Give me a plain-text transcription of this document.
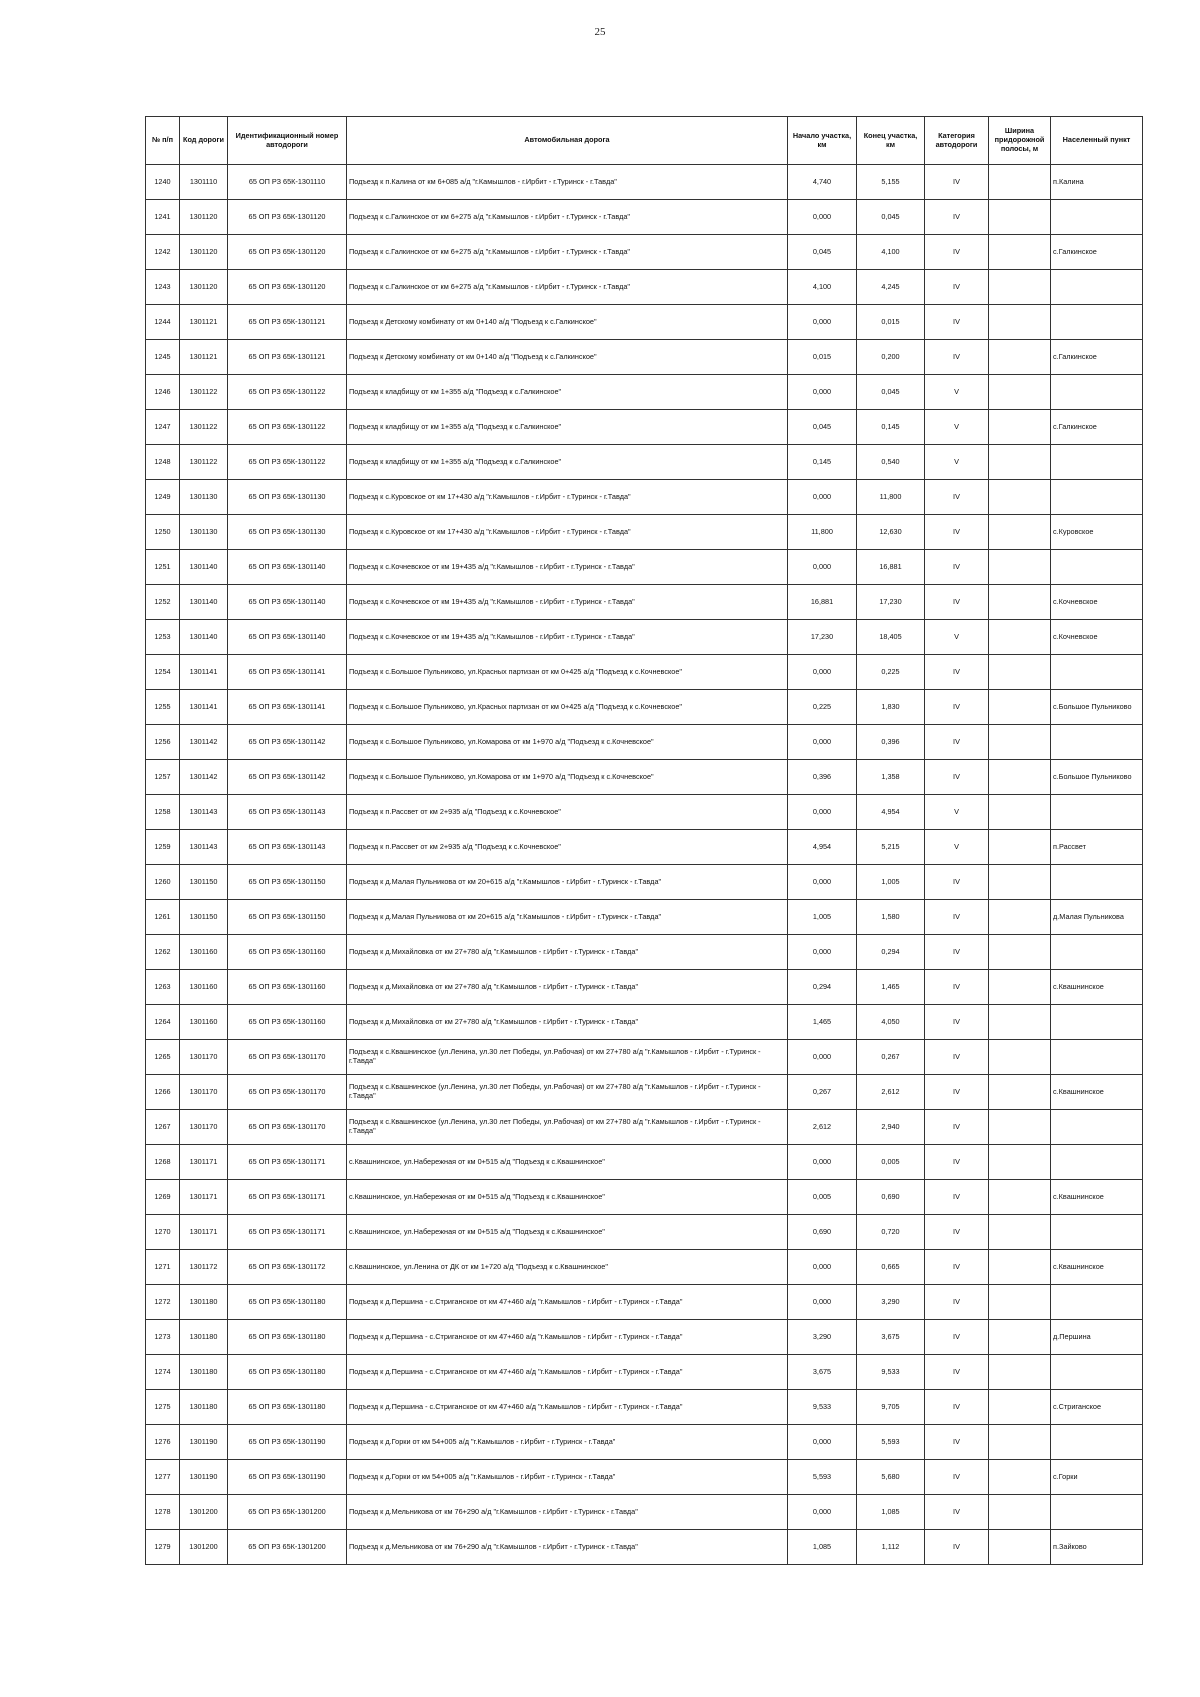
25
№ п/п	Код дороги	Идентификационный номер автодороги	Автомобильная дорога	Начало участка, км	Конец участка, км	Категория автодороги	Ширина придорожной полосы, м	Населенный пункт
1240	1301110	65 ОП РЗ 65К-1301110	Подъезд к п.Калина от км 6+085 а/д "г.Камышлов - г.Ирбит - г.Туринск - г.Тавда"	4,740	5,155	IV		п.Калина
1241	1301120	65 ОП РЗ 65К-1301120	Подъезд к с.Галкинское от км 6+275 а/д "г.Камышлов - г.Ирбит - г.Туринск - г.Тавда"	0,000	0,045	IV		
1242	1301120	65 ОП РЗ 65К-1301120	Подъезд к с.Галкинское от км 6+275 а/д "г.Камышлов - г.Ирбит - г.Туринск - г.Тавда"	0,045	4,100	IV		с.Галкинское
1243	1301120	65 ОП РЗ 65К-1301120	Подъезд к с.Галкинское от км 6+275 а/д "г.Камышлов - г.Ирбит - г.Туринск - г.Тавда"	4,100	4,245	IV		
1244	1301121	65 ОП РЗ 65К-1301121	Подъезд к Детскому комбинату от км 0+140 а/д "Подъезд к с.Галкинское"	0,000	0,015	IV		
1245	1301121	65 ОП РЗ 65К-1301121	Подъезд к Детскому комбинату от км 0+140 а/д "Подъезд к с.Галкинское"	0,015	0,200	IV		с.Галкинское
1246	1301122	65 ОП РЗ 65К-1301122	Подъезд к кладбищу от км 1+355 а/д "Подъезд к с.Галкинское"	0,000	0,045	V		
1247	1301122	65 ОП РЗ 65К-1301122	Подъезд к кладбищу от км 1+355 а/д "Подъезд к с.Галкинское"	0,045	0,145	V		с.Галкинское
1248	1301122	65 ОП РЗ 65К-1301122	Подъезд к кладбищу от км 1+355 а/д "Подъезд к с.Галкинское"	0,145	0,540	V		
1249	1301130	65 ОП РЗ 65К-1301130	Подъезд к с.Куровское от км 17+430 а/д "г.Камышлов - г.Ирбит - г.Туринск - г.Тавда"	0,000	11,800	IV		
1250	1301130	65 ОП РЗ 65К-1301130	Подъезд к с.Куровское от км 17+430 а/д "г.Камышлов - г.Ирбит - г.Туринск - г.Тавда"	11,800	12,630	IV		с.Куровское
1251	1301140	65 ОП РЗ 65К-1301140	Подъезд к с.Кочневское от км 19+435 а/д "г.Камышлов - г.Ирбит - г.Туринск - г.Тавда"	0,000	16,881	IV		
1252	1301140	65 ОП РЗ 65К-1301140	Подъезд к с.Кочневское от км 19+435 а/д "г.Камышлов - г.Ирбит - г.Туринск - г.Тавда"	16,881	17,230	IV		с.Кочневское
1253	1301140	65 ОП РЗ 65К-1301140	Подъезд к с.Кочневское от км 19+435 а/д "г.Камышлов - г.Ирбит - г.Туринск - г.Тавда"	17,230	18,405	V		с.Кочневское
1254	1301141	65 ОП РЗ 65К-1301141	Подъезд к с.Большое Пульниково, ул.Красных партизан от км 0+425 а/д "Подъезд к с.Кочневское"	0,000	0,225	IV		
1255	1301141	65 ОП РЗ 65К-1301141	Подъезд к с.Большое Пульниково, ул.Красных партизан от км 0+425 а/д "Подъезд к с.Кочневское"	0,225	1,830	IV		с.Большое Пульниково
1256	1301142	65 ОП РЗ 65К-1301142	Подъезд к с.Большое Пульниково, ул.Комарова от км 1+970 а/д "Подъезд к с.Кочневское"	0,000	0,396	IV		
1257	1301142	65 ОП РЗ 65К-1301142	Подъезд к с.Большое Пульниково, ул.Комарова от км 1+970 а/д "Подъезд к с.Кочневское"	0,396	1,358	IV		с.Большое Пульниково
1258	1301143	65 ОП РЗ 65К-1301143	Подъезд к п.Рассвет от км 2+935 а/д "Подъезд к с.Кочневское"	0,000	4,954	V		
1259	1301143	65 ОП РЗ 65К-1301143	Подъезд к п.Рассвет от км 2+935 а/д "Подъезд к с.Кочневское"	4,954	5,215	V		п.Рассвет
1260	1301150	65 ОП РЗ 65К-1301150	Подъезд к д.Малая Пульникова от км 20+615 а/д "г.Камышлов - г.Ирбит - г.Туринск - г.Тавда"	0,000	1,005	IV		
1261	1301150	65 ОП РЗ 65К-1301150	Подъезд к д.Малая Пульникова от км 20+615 а/д "г.Камышлов - г.Ирбит - г.Туринск - г.Тавда"	1,005	1,580	IV		д.Малая Пульникова
1262	1301160	65 ОП РЗ 65К-1301160	Подъезд к д.Михайловка от км 27+780 а/д "г.Камышлов - г.Ирбит - г.Туринск - г.Тавда"	0,000	0,294	IV		
1263	1301160	65 ОП РЗ 65К-1301160	Подъезд к д.Михайловка от км 27+780 а/д "г.Камышлов - г.Ирбит - г.Туринск - г.Тавда"	0,294	1,465	IV		с.Квашнинское
1264	1301160	65 ОП РЗ 65К-1301160	Подъезд к д.Михайловка от км 27+780 а/д "г.Камышлов - г.Ирбит - г.Туринск - г.Тавда"	1,465	4,050	IV		
1265	1301170	65 ОП РЗ 65К-1301170	Подъезд к с.Квашнинское (ул.Ленина, ул.30 лет Победы, ул.Рабочая) от км 27+780 а/д "г.Камышлов - г.Ирбит - г.Туринск - г.Тавда"	0,000	0,267	IV		
1266	1301170	65 ОП РЗ 65К-1301170	Подъезд к с.Квашнинское (ул.Ленина, ул.30 лет Победы, ул.Рабочая) от км 27+780 а/д "г.Камышлов - г.Ирбит - г.Туринск - г.Тавда"	0,267	2,612	IV		с.Квашнинское
1267	1301170	65 ОП РЗ 65К-1301170	Подъезд к с.Квашнинское (ул.Ленина, ул.30 лет Победы, ул.Рабочая) от км 27+780 а/д "г.Камышлов - г.Ирбит - г.Туринск - г.Тавда"	2,612	2,940	IV		
1268	1301171	65 ОП РЗ 65К-1301171	с.Квашнинское, ул.Набережная от км 0+515 а/д "Подъезд к с.Квашнинское"	0,000	0,005	IV		
1269	1301171	65 ОП РЗ 65К-1301171	с.Квашнинское, ул.Набережная от км 0+515 а/д "Подъезд к с.Квашнинское"	0,005	0,690	IV		с.Квашнинское
1270	1301171	65 ОП РЗ 65К-1301171	с.Квашнинское, ул.Набережная от км 0+515 а/д "Подъезд к с.Квашнинское"	0,690	0,720	IV		
1271	1301172	65 ОП РЗ 65К-1301172	с.Квашнинское, ул.Ленина от ДК от км 1+720 а/д "Подъезд к с.Квашнинское"	0,000	0,665	IV		с.Квашнинское
1272	1301180	65 ОП РЗ 65К-1301180	Подъезд к д.Першина - с.Стриганское от км 47+460 а/д "г.Камышлов - г.Ирбит - г.Туринск - г.Тавда"	0,000	3,290	IV		
1273	1301180	65 ОП РЗ 65К-1301180	Подъезд к д.Першина - с.Стриганское от км 47+460 а/д "г.Камышлов - г.Ирбит - г.Туринск - г.Тавда"	3,290	3,675	IV		д.Першина
1274	1301180	65 ОП РЗ 65К-1301180	Подъезд к д.Першина - с.Стриганское от км 47+460 а/д "г.Камышлов - г.Ирбит - г.Туринск - г.Тавда"	3,675	9,533	IV		
1275	1301180	65 ОП РЗ 65К-1301180	Подъезд к д.Першина - с.Стриганское от км 47+460 а/д "г.Камышлов - г.Ирбит - г.Туринск - г.Тавда"	9,533	9,705	IV		с.Стриганское
1276	1301190	65 ОП РЗ 65К-1301190	Подъезд к д.Горки от км 54+005 а/д "г.Камышлов - г.Ирбит - г.Туринск - г.Тавда"	0,000	5,593	IV		
1277	1301190	65 ОП РЗ 65К-1301190	Подъезд к д.Горки от км 54+005 а/д "г.Камышлов - г.Ирбит - г.Туринск - г.Тавда"	5,593	5,680	IV		с.Горки
1278	1301200	65 ОП РЗ 65К-1301200	Подъезд к д.Мельникова от км 76+290 а/д "г.Камышлов - г.Ирбит - г.Туринск - г.Тавда"	0,000	1,085	IV		
1279	1301200	65 ОП РЗ 65К-1301200	Подъезд к д.Мельникова от км 76+290 а/д "г.Камышлов - г.Ирбит - г.Туринск - г.Тавда"	1,085	1,112	IV		п.Зайково
